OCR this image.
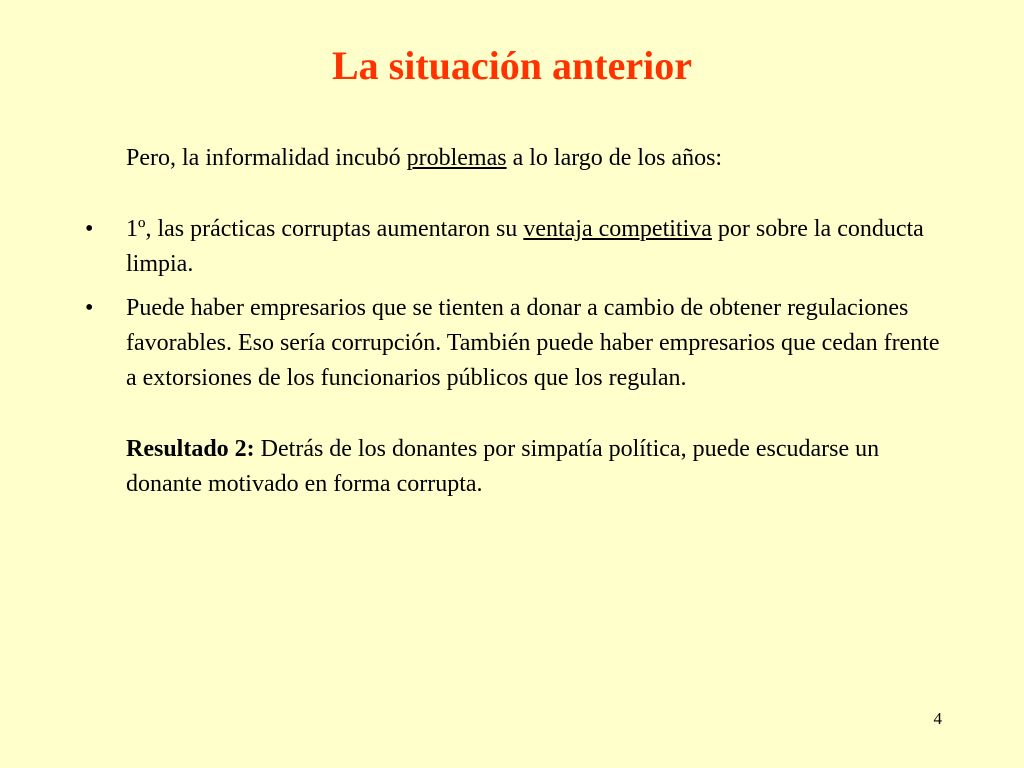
La situación anterior

Pero, la informalidad incubó problemas a lo largo de los años:

• 1º, las prácticas corruptas aumentaron su ventaja competitiva por sobre la conducta limpia.
• Puede haber empresarios que se tienten a donar a cambio de obtener regulaciones favorables. Eso sería corrupción. También puede haber empresarios que cedan frente a extorsiones de los funcionarios públicos que los regulan.

Resultado 2: Detrás de los donantes por simpatía política, puede escudarse un donante motivado en forma corrupta.

4
